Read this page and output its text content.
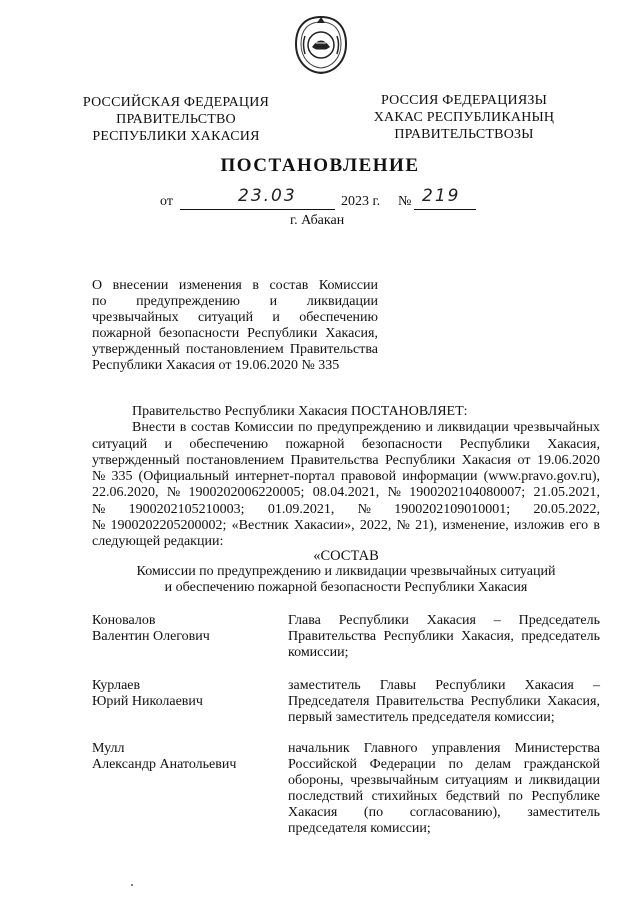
РОССИЙСКАЯ ФЕДЕРАЦИЯ
ПРАВИТЕЛЬСТВО
РЕСПУБЛИКИ ХАКАСИЯ
РОССИЯ ФЕДЕРАЦИЯЗЫ
ХАКАС РЕСПУБЛИКАНЫҢ
ПРАВИТЕЛЬСТВОЗЫ
ПОСТАНОВЛЕНИЕ
от	23.03	2023 г. № 219
г. Абакан
О внесении изменения в состав Комиссии
по предупреждению и ликвидации
чрезвычайных ситуаций и обеспечению
пожарной безопасности Республики Хакасия,
утвержденный постановлением Правительства
Республики Хакасия от 19.06.2020 № 335
Правительство Республики Хакасия ПОСТАНОВЛЯЕТ:
Внести в состав Комиссии по предупреждению и ликвидации чрезвычайных
ситуаций и обеспечению пожарной безопасности Республики Хакасия,
утвержденный постановлением Правительства Республики Хакасия от 19.06.2020
№ 335 (Официальный интернет-портал правовой информации (www.pravo.gov.ru),
22.06.2020, № 1900202006220005; 08.04.2021, № 1900202104080007; 21.05.2021,
№ 1900202105210003; 01.09.2021, № 1900202109010001; 20.05.2022,
№ 1900202205200002; «Вестник Хакасии», 2022, № 21), изменение, изложив его в
следующей редакции:
«СОСТАВ
Комиссии по предупреждению и ликвидации чрезвычайных ситуаций
и обеспечению пожарной безопасности Республики Хакасия
Коновалов
Валентин Олегович
Глава Республики Хакасия – Председатель
Правительства Республики Хакасия, председатель
комиссии;
Курлаев
Юрий Николаевич
заместитель Главы Республики Хакасия –
Председателя Правительства Республики Хакасия,
первый заместитель председателя комиссии;
Мулл
Александр Анатольевич
начальник Главного управления Министерства
Российской Федерации по делам гражданской
обороны, чрезвычайным ситуациям и ликвидации
последствий стихийных бедствий по Республике
Хакасия (по согласованию), заместитель
председателя комиссии;
